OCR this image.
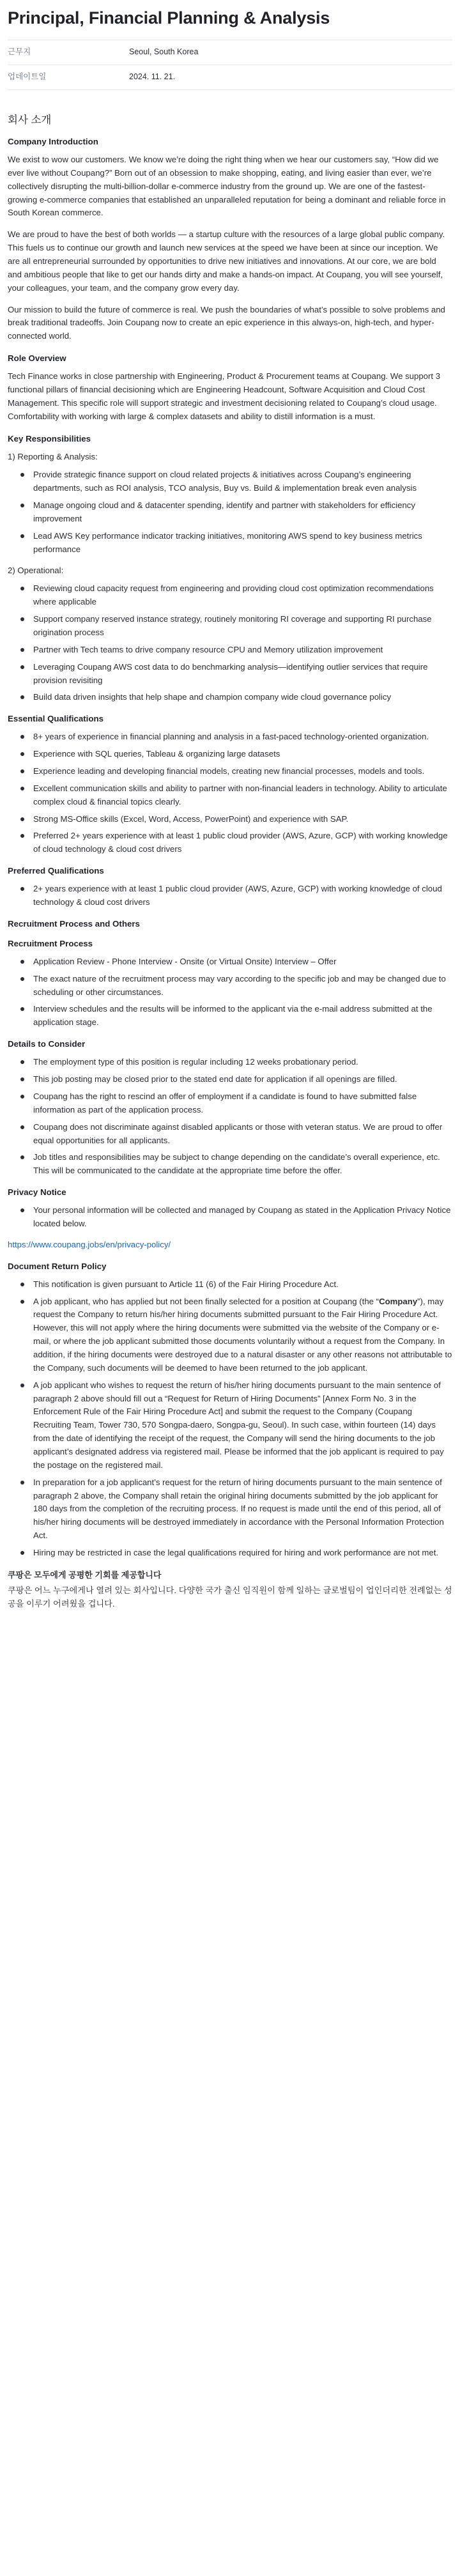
Principal, Financial Planning & Analysis
근무지	Seoul, South Korea
업데이트일	2024. 11. 21.
회사 소개
Company Introduction

We exist to wow our customers. We know we’re doing the right thing when we hear our customers say, “How did we ever live without Coupang?” Born out of an obsession to make shopping, eating, and living easier than ever, we’re collectively disrupting the multi-billion-dollar e-commerce industry from the ground up. We are one of the fastest-growing e-commerce companies that established an unparalleled reputation for being a dominant and reliable force in South Korean commerce.

We are proud to have the best of both worlds — a startup culture with the resources of a large global public company. This fuels us to continue our growth and launch new services at the speed we have been at since our inception. We are all entrepreneurial surrounded by opportunities to drive new initiatives and innovations. At our core, we are bold and ambitious people that like to get our hands dirty and make a hands-on impact. At Coupang, you will see yourself, your colleagues, your team, and the company grow every day.

Our mission to build the future of commerce is real. We push the boundaries of what’s possible to solve problems and break traditional tradeoffs. Join Coupang now to create an epic experience in this always-on, high-tech, and hyper-connected world.

Role Overview

Tech Finance works in close partnership with Engineering, Product & Procurement teams at Coupang. We support 3 functional pillars of financial decisioning which are Engineering Headcount, Software Acquisition and Cloud Cost Management. This specific role will support strategic and investment decisioning related to Coupang’s cloud usage. Comfortability with working with large & complex datasets and ability to distill information is a must.

Key Responsibilities

1) Reporting & Analysis:

Provide strategic finance support on cloud related projects & initiatives across Coupang’s engineering departments, such as ROI analysis, TCO analysis, Buy vs. Build & implementation break even analysis
Manage ongoing cloud and & datacenter spending, identify and partner with stakeholders for efficiency improvement
Lead AWS Key performance indicator tracking initiatives, monitoring AWS spend to key business metrics performance

2) Operational:

Reviewing cloud capacity request from engineering and providing cloud cost optimization recommendations where applicable
Support company reserved instance strategy, routinely monitoring RI coverage and supporting RI purchase origination process
Partner with Tech teams to drive company resource CPU and Memory utilization improvement
Leveraging Coupang AWS cost data to do benchmarking analysis—identifying outlier services that require provision revisiting
Build data driven insights that help shape and champion company wide cloud governance policy
Essential Qualifications
8+ years of experience in financial planning and analysis in a fast-paced technology-oriented organization.
Experience with SQL queries, Tableau & organizing large datasets
Experience leading and developing financial models, creating new financial processes, models and tools.
Excellent communication skills and ability to partner with non-financial leaders in technology. Ability to articulate complex cloud & financial topics clearly.
Strong MS-Office skills (Excel, Word, Access, PowerPoint) and experience with SAP.
Preferred 2+ years experience with at least 1 public cloud provider (AWS, Azure, GCP) with working knowledge of cloud technology & cloud cost drivers
Preferred Qualifications
2+ years experience with at least 1 public cloud provider (AWS, Azure, GCP) with working knowledge of cloud technology & cloud cost drivers
Recruitment Process and Others
Recruitment Process
Application Review - Phone Interview - Onsite (or Virtual Onsite) Interview – Offer
The exact nature of the recruitment process may vary according to the specific job and may be changed due to scheduling or other circumstances.
Interview schedules and the results will be informed to the applicant via the e-mail address submitted at the application stage.
Details to Consider
The employment type of this position is regular including 12 weeks probationary period.
This job posting may be closed prior to the stated end date for application if all openings are filled.
Coupang has the right to rescind an offer of employment if a candidate is found to have submitted false information as part of the application process.
Coupang does not discriminate against disabled applicants or those with veteran status. We are proud to offer equal opportunities for all applicants.
Job titles and responsibilities may be subject to change depending on the candidate’s overall experience, etc. This will be communicated to the candidate at the appropriate time before the offer.
Privacy Notice
Your personal information will be collected and managed by Coupang as stated in the Application Privacy Notice located below.

https://www.coupang.jobs/en/privacy-policy/

Document Return Policy
This notification is given pursuant to Article 11 (6) of the Fair Hiring Procedure Act.
A job applicant, who has applied but not been finally selected for a position at Coupang (the “Company”), may request the Company to return his/her hiring documents submitted pursuant to the Fair Hiring Procedure Act. However, this will not apply where the hiring documents were submitted via the website of the Company or e-mail, or where the job applicant submitted those documents voluntarily without a request from the Company. In addition, if the hiring documents were destroyed due to a natural disaster or any other reasons not attributable to the Company, such documents will be deemed to have been returned to the job applicant.
A job applicant who wishes to request the return of his/her hiring documents pursuant to the main sentence of paragraph 2 above should fill out a “Request for Return of Hiring Documents” [Annex Form No. 3 in the Enforcement Rule of the Fair Hiring Procedure Act] and submit the request to the Company (Coupang Recruiting Team, Tower 730, 570 Songpa-daero, Songpa-gu, Seoul). In such case, within fourteen (14) days from the date of identifying the receipt of the request, the Company will send the hiring documents to the job applicant’s designated address via registered mail. Please be informed that the job applicant is required to pay the postage on the registered mail.
In preparation for a job applicant’s request for the return of hiring documents pursuant to the main sentence of paragraph 2 above, the Company shall retain the original hiring documents submitted by the job applicant for 180 days from the completion of the recruiting process. If no request is made until the end of this period, all of his/her hiring documents will be destroyed immediately in accordance with the Personal Information Protection Act.
Hiring may be restricted in case the legal qualifications required for hiring and work performance are not met.

쿠팡은 모두에게 공평한 기회를 제공합니다

쿠팡은 어느 누구에게나 열려 있는 회사입니다. 다양한 국가 출신 임직원이 함께 일하는 글로벌팀이 업인더리한 전례없는 성공을 이루기 어려웠을 겁니다.
